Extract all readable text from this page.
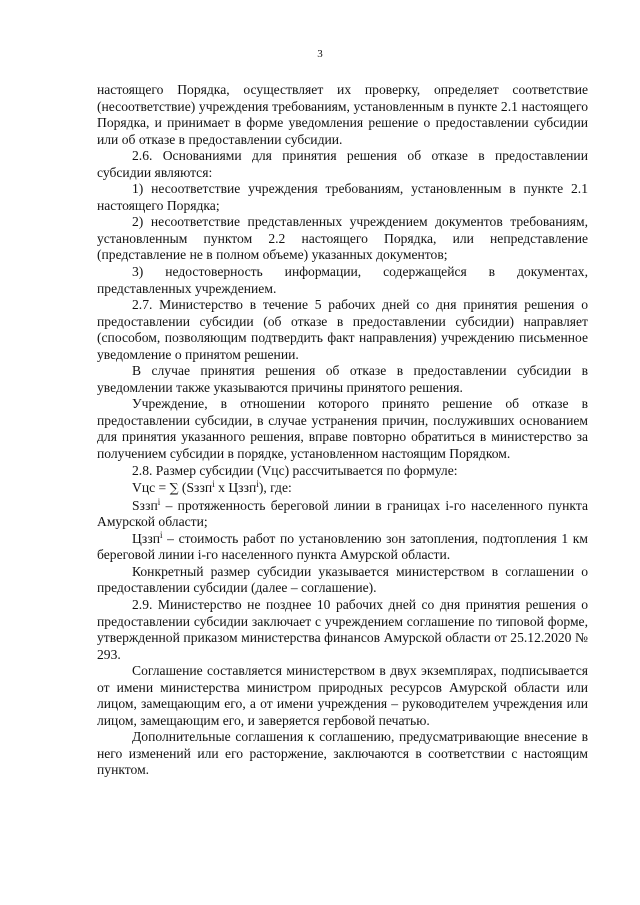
3

настоящего Порядка, осуществляет их проверку, определяет соответствие (несоответствие) учреждения требованиям, установленным в пункте 2.1 настоящего Порядка, и принимает в форме уведомления решение о предоставлении субсидии или об отказе в предоставлении субсидии.

2.6. Основаниями для принятия решения об отказе в предоставлении субсидии являются:

1) несоответствие учреждения требованиям, установленным в пункте 2.1 настоящего Порядка;

2) несоответствие представленных учреждением документов требованиям, установленным пунктом 2.2 настоящего Порядка, или непредставление (представление не в полном объеме) указанных документов;

3) недостоверность информации, содержащейся в документах, представленных учреждением.

2.7. Министерство в течение 5 рабочих дней со дня принятия решения о предоставлении субсидии (об отказе в предоставлении субсидии) направляет (способом, позволяющим подтвердить факт направления) учреждению письменное уведомление о принятом решении.

В случае принятия решения об отказе в предоставлении субсидии в уведомлении также указываются причины принятого решения.

Учреждение, в отношении которого принято решение об отказе в предоставлении субсидии, в случае устранения причин, послуживших основанием для принятия указанного решения, вправе повторно обратиться в министерство за получением субсидии в порядке, установленном настоящим Порядком.

2.8. Размер субсидии (Vцс) рассчитывается по формуле:

Vцс = ∑ (Sззп$^i$ x Цззп$^i$), где:

Sззп$^i$ – протяженность береговой линии в границах i-го населенного пункта Амурской области;

Цззп$^i$ – стоимость работ по установлению зон затопления, подтопления 1 км береговой линии i-го населенного пункта Амурской области.

Конкретный размер субсидии указывается министерством в соглашении о предоставлении субсидии (далее – соглашение).

2.9. Министерство не позднее 10 рабочих дней со дня принятия решения о предоставлении субсидии заключает с учреждением соглашение по типовой форме, утвержденной приказом министерства финансов Амурской области от 25.12.2020 № 293.

Соглашение составляется министерством в двух экземплярах, подписывается от имени министерства министром природных ресурсов Амурской области или лицом, замещающим его, а от имени учреждения – руководителем учреждения или лицом, замещающим его, и заверяется гербовой печатью.

Дополнительные соглашения к соглашению, предусматривающие внесение в него изменений или его расторжение, заключаются в соответствии с настоящим пунктом.
